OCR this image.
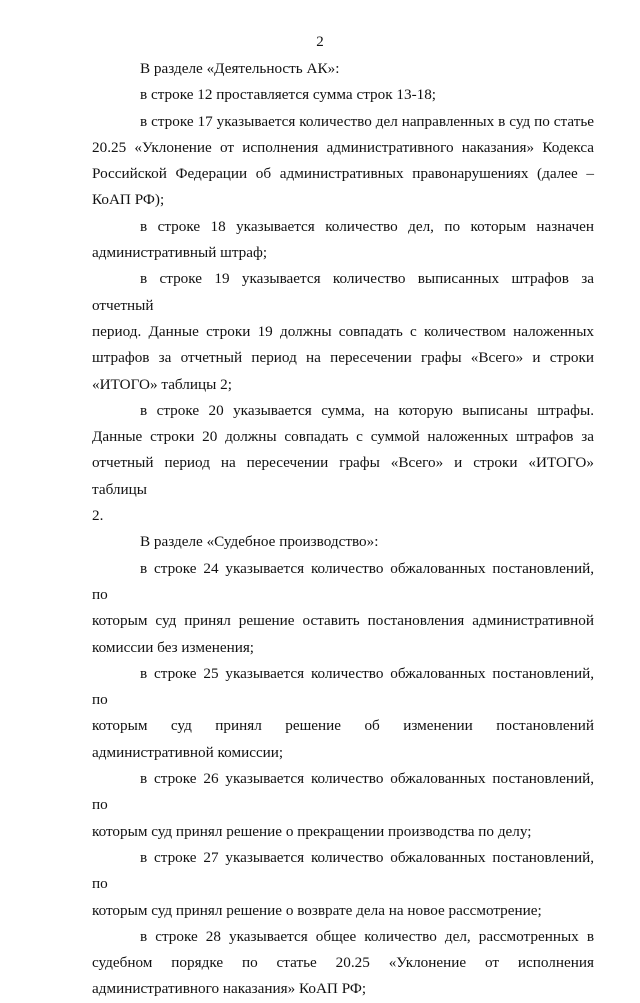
2
В разделе «Деятельность АК»:
в строке 12 проставляется сумма строк 13-18;
в строке 17 указывается количество дел направленных в суд по статье
20.25 «Уклонение от исполнения административного наказания» Кодекса
Российской Федерации об административных правонарушениях (далее –
КоАП РФ);
в строке 18 указывается количество дел, по которым назначен
административный штраф;
в строке 19 указывается количество выписанных штрафов за отчетный
период. Данные строки 19 должны совпадать с количеством наложенных
штрафов за отчетный период на пересечении графы «Всего» и строки
«ИТОГО» таблицы 2;
в строке 20 указывается сумма, на которую выписаны штрафы.
Данные строки 20 должны совпадать с суммой наложенных штрафов за
отчетный период на пересечении графы «Всего» и строки «ИТОГО» таблицы
2.
В разделе «Судебное производство»:
в строке 24 указывается количество обжалованных постановлений, по
которым суд принял решение оставить постановления административной
комиссии без изменения;
в строке 25 указывается количество обжалованных постановлений, по
которым суд принял решение об изменении постановлений
административной комиссии;
в строке 26 указывается количество обжалованных постановлений, по
которым суд принял решение о прекращении производства по делу;
в строке 27 указывается количество обжалованных постановлений, по
которым суд принял решение о возврате дела на новое рассмотрение;
в строке 28 указывается общее количество дел, рассмотренных в
судебном порядке по статье 20.25 «Уклонение от исполнения
административного наказания» КоАП РФ;
